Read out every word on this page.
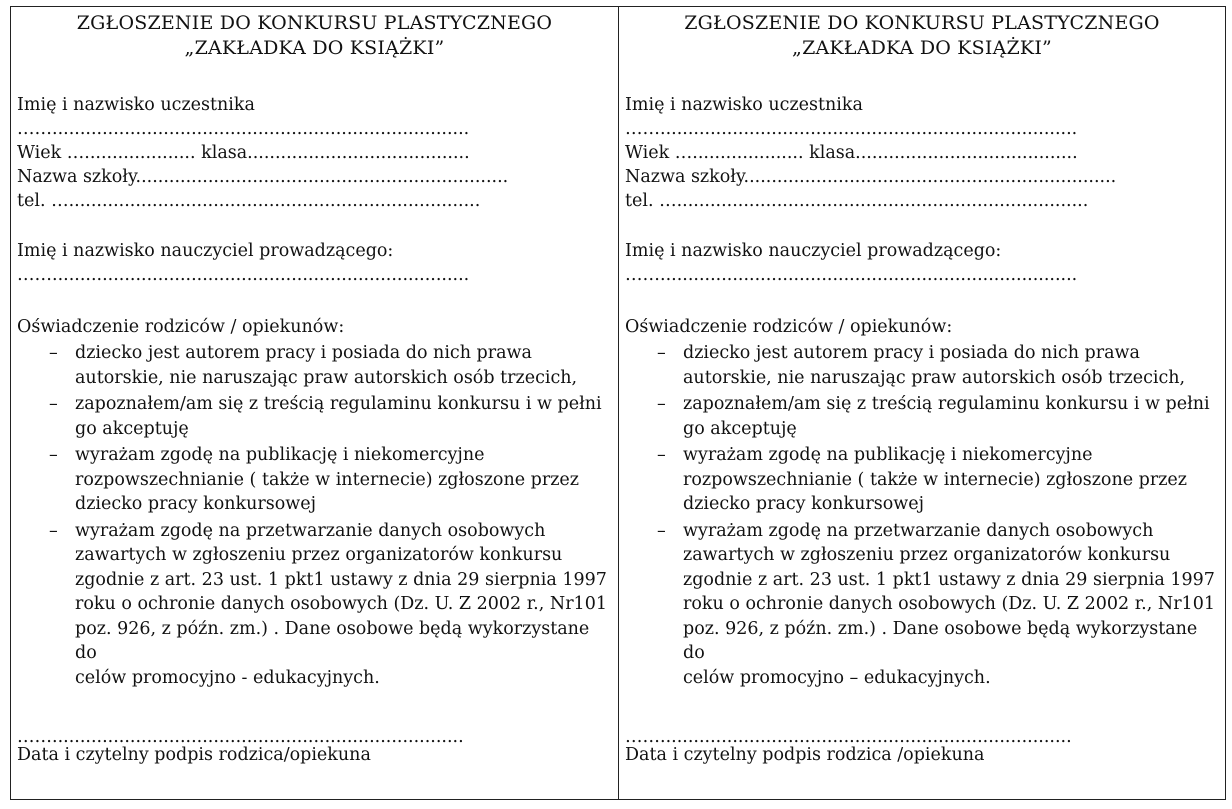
ZGŁOSZENIE DO KONKURSU PLASTYCZNEGO
„ZAKŁADKA DO KSIĄŻKI”
Imię i nazwisko uczestnika
……...........................................................................
Wiek ….................... klasa........................................
Nazwa szkoły...................................................................
tel. …..........................................................................
Imię i nazwisko nauczyciel prowadzącego:
……...........................................................................
Oświadczenie rodziców / opiekunów:
– dziecko jest autorem pracy i posiada do nich prawa
autorskie, nie naruszając praw autorskich osób trzecich,
– zapoznałem/am się z treścią regulaminu konkursu i w pełni
go akceptuję
– wyrażam zgodę na publikację i niekomercyjne
rozpowszechnianie ( także w internecie) zgłoszone przez
dziecko pracy konkursowej
– wyrażam zgodę na przetwarzanie danych osobowych
zawartych w zgłoszeniu przez organizatorów konkursu
zgodnie z art. 23 ust. 1 pkt1 ustawy z dnia 29 sierpnia 1997
roku o ochronie danych osobowych (Dz. U. Z 2002 r., Nr101
poz. 926, z późn. zm.) . Dane osobowe będą wykorzystane do
celów promocyjno - edukacyjnych.
……..........................................................................
Data i czytelny podpis rodzica/opiekuna
ZGŁOSZENIE DO KONKURSU PLASTYCZNEGO
„ZAKŁADKA DO KSIĄŻKI”
Imię i nazwisko uczestnika
……...........................................................................
Wiek ….................... klasa........................................
Nazwa szkoły...................................................................
tel. …..........................................................................
Imię i nazwisko nauczyciel prowadzącego:
……...........................................................................
Oświadczenie rodziców / opiekunów:
– dziecko jest autorem pracy i posiada do nich prawa
autorskie, nie naruszając praw autorskich osób trzecich,
– zapoznałem/am się z treścią regulaminu konkursu i w pełni
go akceptuję
– wyrażam zgodę na publikację i niekomercyjne
rozpowszechnianie ( także w internecie) zgłoszone przez
dziecko pracy konkursowej
– wyrażam zgodę na przetwarzanie danych osobowych
zawartych w zgłoszeniu przez organizatorów konkursu
zgodnie z art. 23 ust. 1 pkt1 ustawy z dnia 29 sierpnia 1997
roku o ochronie danych osobowych (Dz. U. Z 2002 r., Nr101
poz. 926, z późn. zm.) . Dane osobowe będą wykorzystane do
celów promocyjno – edukacyjnych.
……..........................................................................
Data i czytelny podpis rodzica /opiekuna
